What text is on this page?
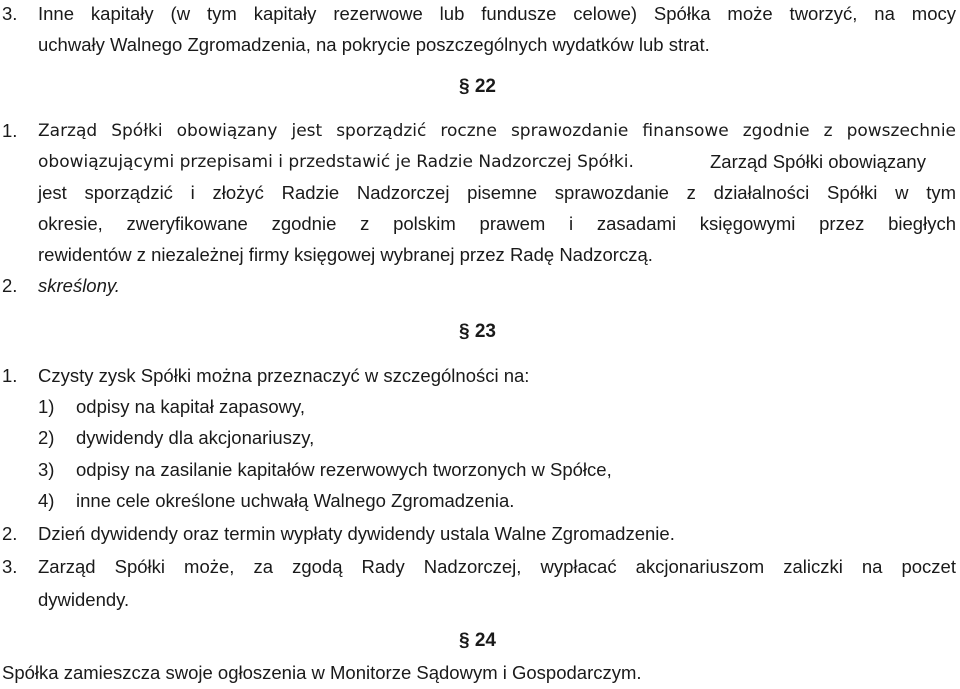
3. Inne kapitały (w tym kapitały rezerwowe lub fundusze celowe) Spółka może tworzyć, na mocy
uchwały Walnego Zgromadzenia, na pokrycie poszczególnych wydatków lub strat.
§ 22
1. Zarząd Spółki obowiązany jest sporządzić roczne sprawozdanie finansowe zgodnie z powszechnie
obowiązującymi przepisami i przedstawić je Radzie Nadzorczej Spółki.	Zarząd Spółki obowiązany
jest sporządzić i złożyć Radzie Nadzorczej pisemne sprawozdanie z działalności Spółki w tym
okresie, zweryfikowane zgodnie z polskim prawem i zasadami księgowymi przez biegłych
rewidentów z niezależnej firmy księgowej wybranej przez Radę Nadzorczą.
2. skreślony.
§ 23
1. Czysty zysk Spółki można przeznaczyć w szczególności na:
1) odpisy na kapitał zapasowy,
2) dywidendy dla akcjonariuszy,
3) odpisy na zasilanie kapitałów rezerwowych tworzonych w Spółce,
4) inne cele określone uchwałą Walnego Zgromadzenia.
2. Dzień dywidendy oraz termin wypłaty dywidendy ustala Walne Zgromadzenie.
3. Zarząd Spółki może, za zgodą Rady Nadzorczej, wypłacać akcjonariuszom zaliczki na poczet
dywidendy.
§ 24
Spółka zamieszcza swoje ogłoszenia w Monitorze Sądowym i Gospodarczym.
